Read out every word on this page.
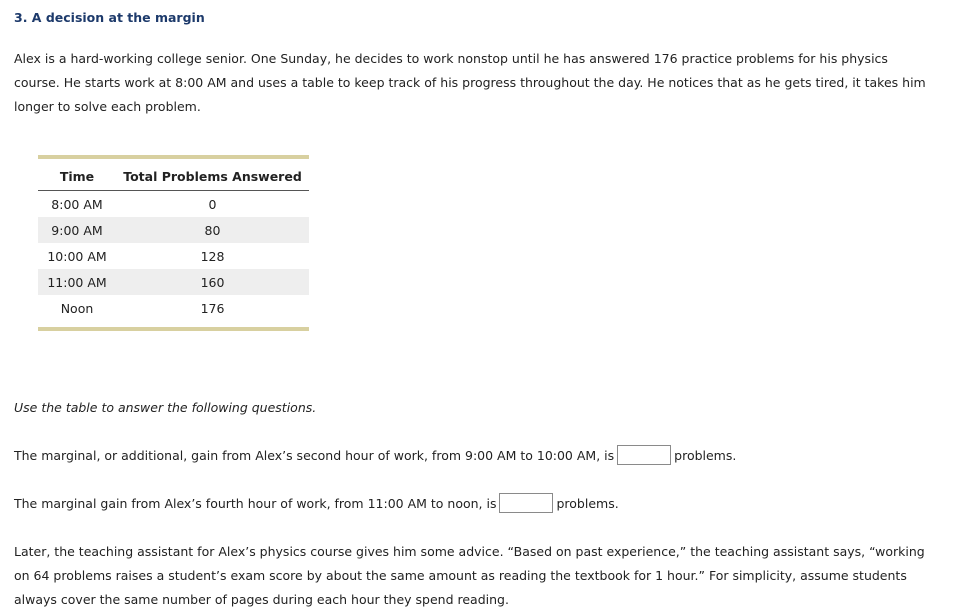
3. A decision at the margin
Alex is a hard-working college senior. One Sunday, he decides to work nonstop until he has answered 176 practice problems for his physics course. He starts work at 8:00 AM and uses a table to keep track of his progress throughout the day. He notices that as he gets tired, it takes him longer to solve each problem.
Time	Total Problems Answered
8:00 AM	0
9:00 AM	80
10:00 AM	128
11:00 AM	160
Noon	176
Use the table to answer the following questions.
The marginal, or additional, gain from Alex’s second hour of work, from 9:00 AM to 10:00 AM, is	problems.
The marginal gain from Alex’s fourth hour of work, from 11:00 AM to noon, is	problems.
Later, the teaching assistant for Alex’s physics course gives him some advice. “Based on past experience,” the teaching assistant says, “working on 64 problems raises a student’s exam score by about the same amount as reading the textbook for 1 hour.” For simplicity, assume students always cover the same number of pages during each hour they spend reading.
